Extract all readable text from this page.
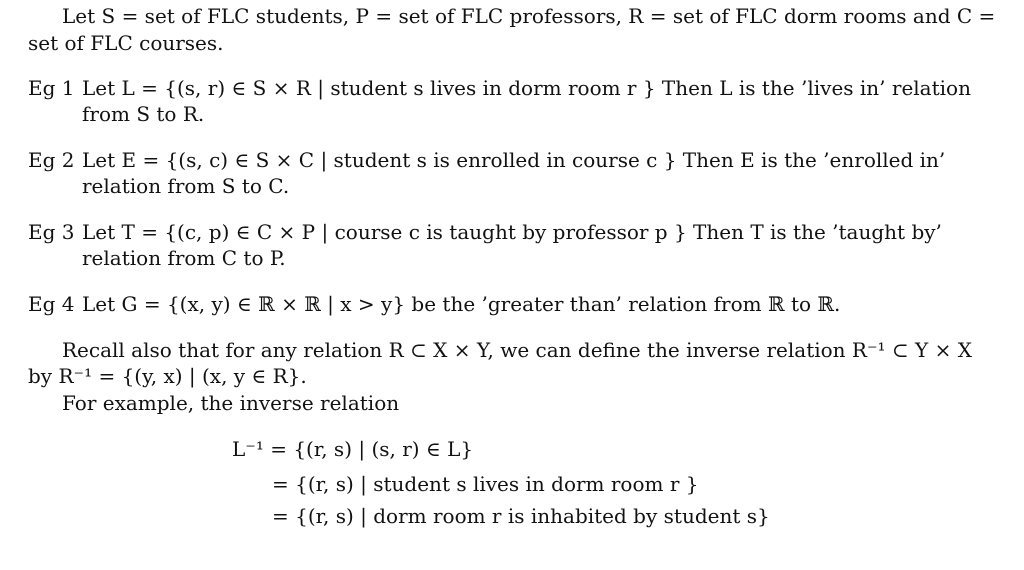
Let S = set of FLC students, P = set of FLC professors, R = set of FLC dorm rooms and C =
set of FLC courses.
Eg 1 Let L = {(s, r) ∈ S × R | student s lives in dorm room r } Then L is the ’lives in’ relation
from S to R.
Eg 2 Let E = {(s, c) ∈ S × C | student s is enrolled in course c } Then E is the ’enrolled in’
relation from S to C.
Eg 3 Let T = {(c, p) ∈ C × P | course c is taught by professor p } Then T is the ’taught by’
relation from C to P.
Eg 4 Let G = {(x, y) ∈ ℝ × ℝ | x > y} be the ’greater than’ relation from ℝ to ℝ.
Recall also that for any relation R ⊂ X × Y, we can define the inverse relation R⁻¹ ⊂ Y × X
by R⁻¹ = {(y, x) | (x, y ∈ R}.
For example, the inverse relation
L⁻¹ = {(r, s) | (s, r) ∈ L}
= {(r, s) | student s lives in dorm room r }
= {(r, s) | dorm room r is inhabited by student s}
